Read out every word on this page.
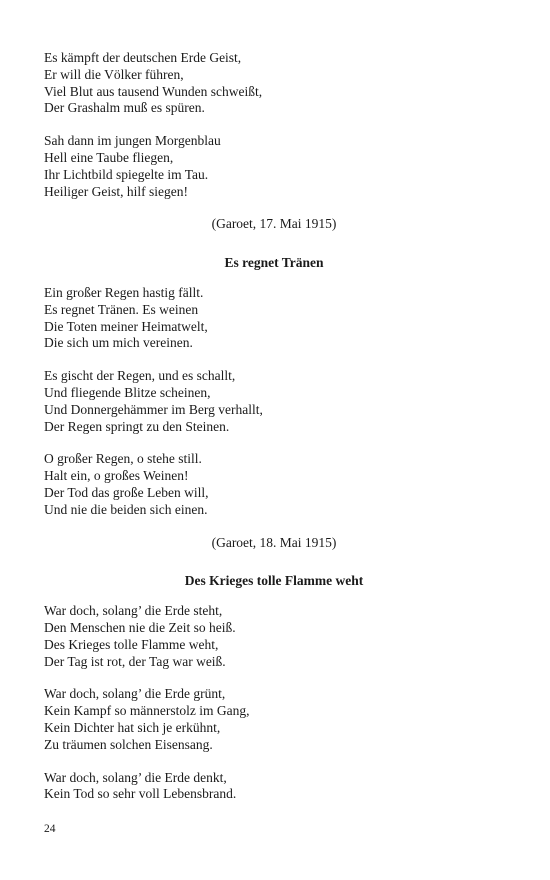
Es kämpft der deutschen Erde Geist,
Er will die Völker führen,
Viel Blut aus tausend Wunden schweißt,
Der Grashalm muß es spüren.
Sah dann im jungen Morgenblau
Hell eine Taube fliegen,
Ihr Lichtbild spiegelte im Tau.
Heiliger Geist, hilf siegen!
(Garoet, 17. Mai 1915)
Es regnet Tränen
Ein großer Regen hastig fällt.
Es regnet Tränen. Es weinen
Die Toten meiner Heimatwelt,
Die sich um mich vereinen.
Es gischt der Regen, und es schallt,
Und fliegende Blitze scheinen,
Und Donnergehämmer im Berg verhallt,
Der Regen springt zu den Steinen.
O großer Regen, o stehe still.
Halt ein, o großes Weinen!
Der Tod das große Leben will,
Und nie die beiden sich einen.
(Garoet, 18. Mai 1915)
Des Krieges tolle Flamme weht
War doch, solang’ die Erde steht,
Den Menschen nie die Zeit so heiß.
Des Krieges tolle Flamme weht,
Der Tag ist rot, der Tag war weiß.
War doch, solang’ die Erde grünt,
Kein Kampf so männerstolz im Gang,
Kein Dichter hat sich je erkühnt,
Zu träumen solchen Eisensang.
War doch, solang’ die Erde denkt,
Kein Tod so sehr voll Lebensbrand.
24
